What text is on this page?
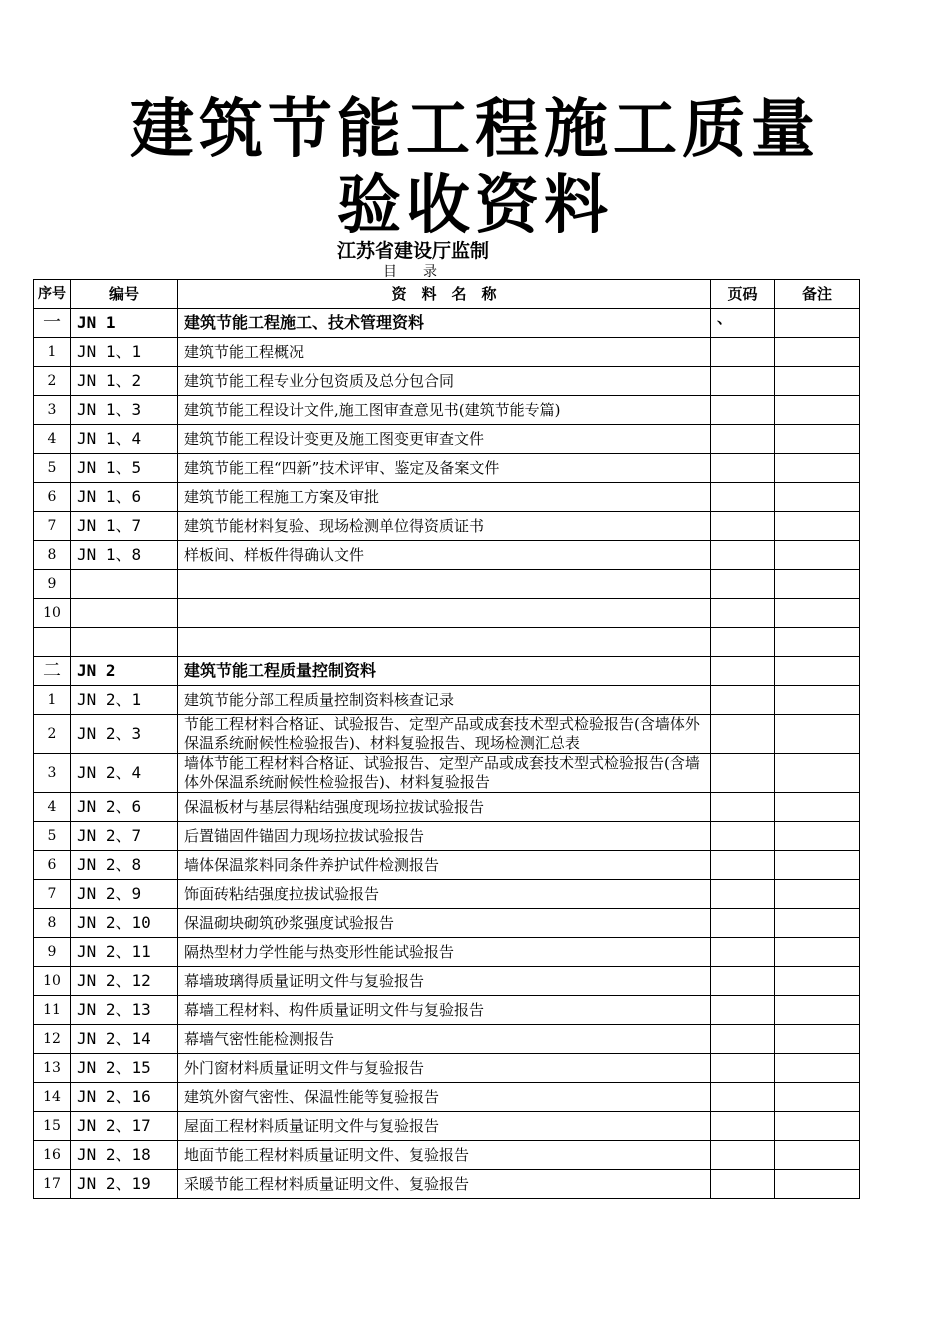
建筑节能工程施工质量
验收资料
江苏省建设厅监制
目　录
序号	编号	资　料　名　称	页码	备注
一	JN 1	建筑节能工程施工、技术管理资料	、	
1	JN 1、1	建筑节能工程概况		
2	JN 1、2	建筑节能工程专业分包资质及总分包合同		
3	JN 1、3	建筑节能工程设计文件,施工图审查意见书(建筑节能专篇)		
4	JN 1、4	建筑节能工程设计变更及施工图变更审查文件		
5	JN 1、5	建筑节能工程“四新”技术评审、鉴定及备案文件		
6	JN 1、6	建筑节能工程施工方案及审批		
7	JN 1、7	建筑节能材料复验、现场检测单位得资质证书		
8	JN 1、8	样板间、样板件得确认文件		
9				
10				

二	JN 2	建筑节能工程质量控制资料		
1	JN 2、1	建筑节能分部工程质量控制资料核查记录		
2	JN 2、3	节能工程材料合格证、试验报告、定型产品或成套技术型式检验报告(含墙体外保温系统耐候性检验报告)、材料复验报告、现场检测汇总表		
3	JN 2、4	墙体节能工程材料合格证、试验报告、定型产品或成套技术型式检验报告(含墙体外保温系统耐候性检验报告)、材料复验报告		
4	JN 2、6	保温板材与基层得粘结强度现场拉拔试验报告		
5	JN 2、7	后置锚固件锚固力现场拉拔试验报告		
6	JN 2、8	墙体保温浆料同条件养护试件检测报告		
7	JN 2、9	饰面砖粘结强度拉拔试验报告		
8	JN 2、10	保温砌块砌筑砂浆强度试验报告		
9	JN 2、11	隔热型材力学性能与热变形性能试验报告		
10	JN 2、12	幕墙玻璃得质量证明文件与复验报告		
11	JN 2、13	幕墙工程材料、构件质量证明文件与复验报告		
12	JN 2、14	幕墙气密性能检测报告		
13	JN 2、15	外门窗材料质量证明文件与复验报告		
14	JN 2、16	建筑外窗气密性、保温性能等复验报告		
15	JN 2、17	屋面工程材料质量证明文件与复验报告		
16	JN 2、18	地面节能工程材料质量证明文件、复验报告		
17	JN 2、19	采暖节能工程材料质量证明文件、复验报告		
